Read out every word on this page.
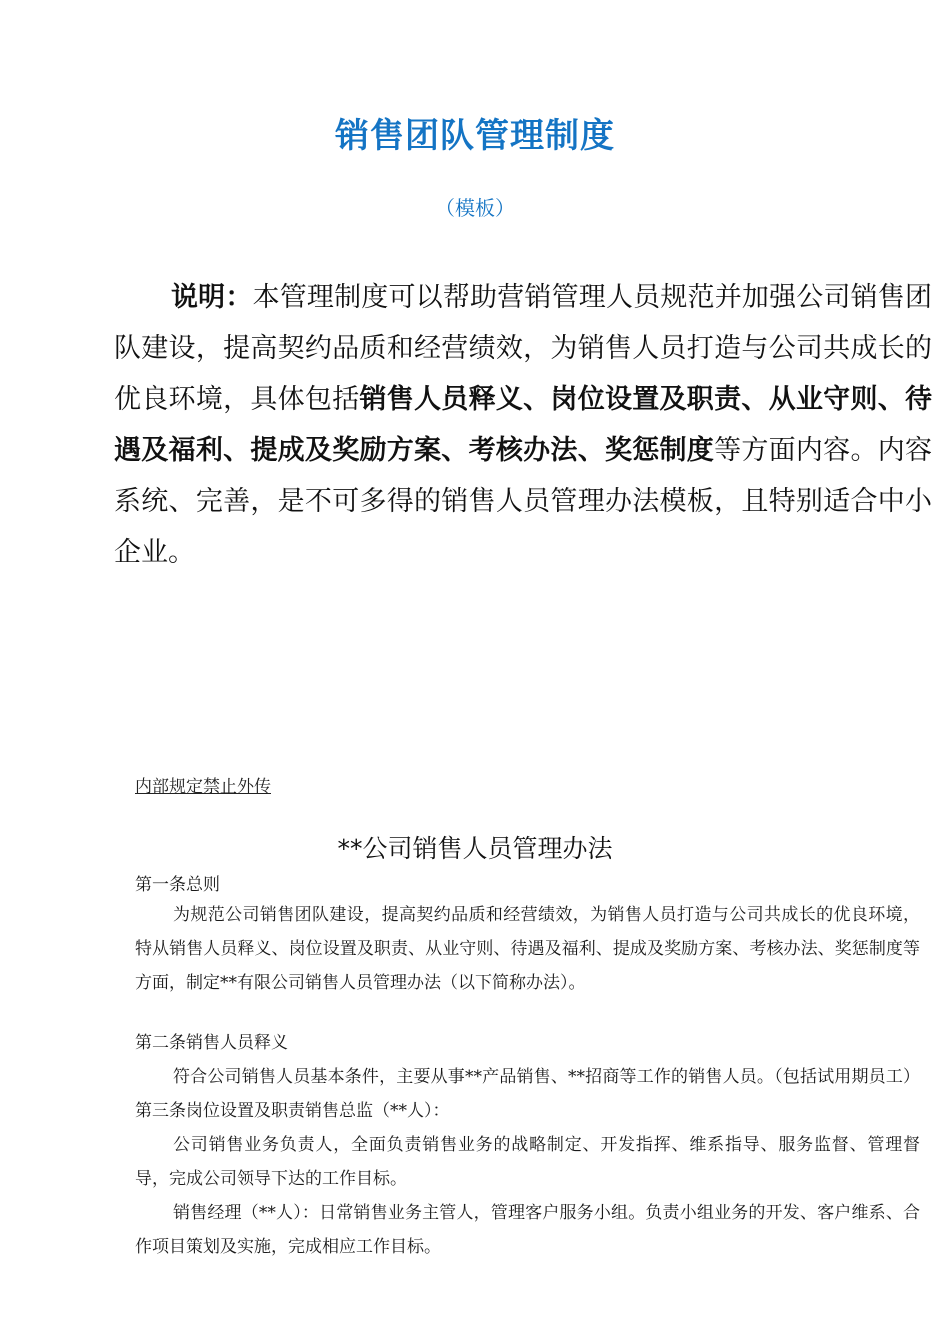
销售团队管理制度
（模板）

说明：本管理制度可以帮助营销管理人员规范并加强公司销售团队建设，提高契约品质和经营绩效，为销售人员打造与公司共成长的优良环境，具体包括销售人员释义、岗位设置及职责、从业守则、待遇及福利、提成及奖励方案、考核办法、奖惩制度等方面内容。内容系统、完善，是不可多得的销售人员管理办法模板，且特别适合中小企业。

内部规定禁止外传
**公司销售人员管理办法
第一条总则

为规范公司销售团队建设，提高契约品质和经营绩效，为销售人员打造与公司共成长的优良环境，特从销售人员释义、岗位设置及职责、从业守则、待遇及福利、提成及奖励方案、考核办法、奖惩制度等方面，制定**有限公司销售人员管理办法（以下简称办法）。

第二条销售人员释义

符合公司销售人员基本条件，主要从事**产品销售、**招商等工作的销售人员。（包括试用期员工）第三条岗位设置及职责销售总监（**人）：

公司销售业务负责人，全面负责销售业务的战略制定、开发指挥、维系指导、服务监督、管理督导，完成公司领导下达的工作目标。

销售经理（**人）：日常销售业务主管人，管理客户服务小组。负责小组业务的开发、客户维系、合作项目策划及实施，完成相应工作目标。
